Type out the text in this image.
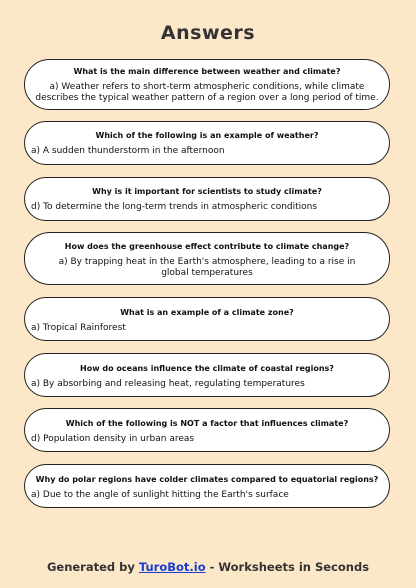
Answers
What is the main difference between weather and climate?
a) Weather refers to short-term atmospheric conditions, while climate describes the typical weather pattern of a region over a long period of time.
Which of the following is an example of weather?
a) A sudden thunderstorm in the afternoon
Why is it important for scientists to study climate?
d) To determine the long-term trends in atmospheric conditions
How does the greenhouse effect contribute to climate change?
a) By trapping heat in the Earth's atmosphere, leading to a rise in global temperatures
What is an example of a climate zone?
a) Tropical Rainforest
How do oceans influence the climate of coastal regions?
a) By absorbing and releasing heat, regulating temperatures
Which of the following is NOT a factor that influences climate?
d) Population density in urban areas
Why do polar regions have colder climates compared to equatorial regions?
a) Due to the angle of sunlight hitting the Earth's surface
Generated by TuroBot.io - Worksheets in Seconds
